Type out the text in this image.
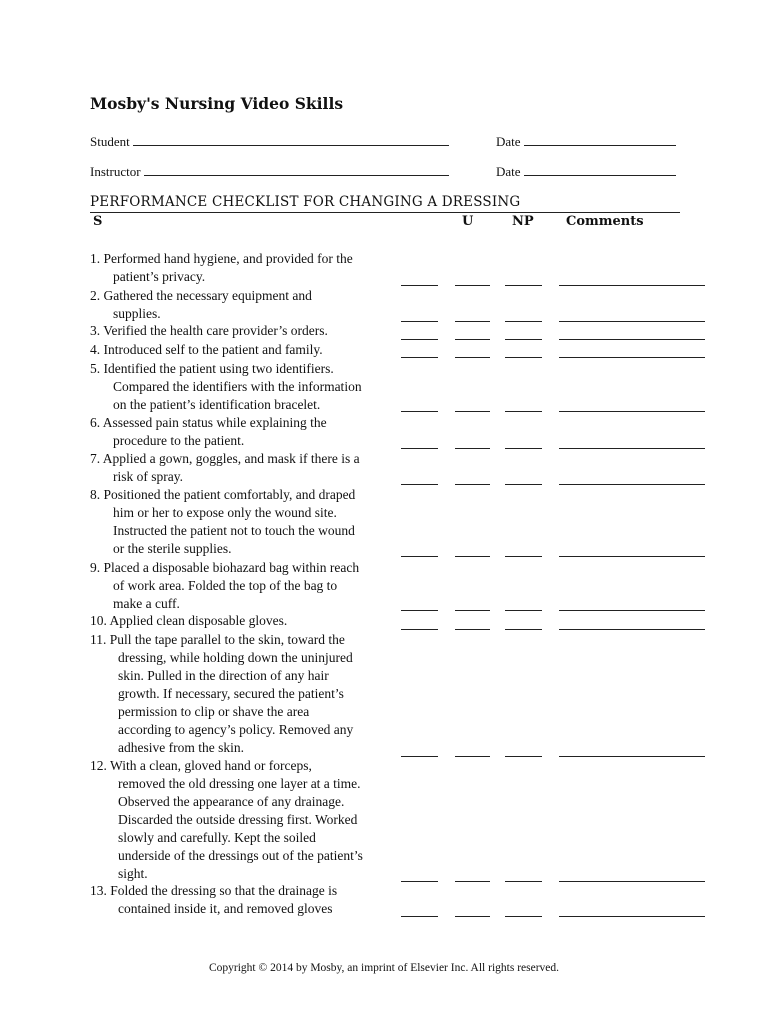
Mosby's Nursing Video Skills
Student	Date
Instructor	Date
PERFORMANCE CHECKLIST FOR CHANGING A DRESSING
S	U	NP Comments
1. Performed hand hygiene, and provided for the
patient’s privacy.
2. Gathered the necessary equipment and
supplies.
3. Verified the health care provider’s orders.
4. Introduced self to the patient and family.
5. Identified the patient using two identifiers.
Compared the identifiers with the information
on the patient’s identification bracelet.
6. Assessed pain status while explaining the
procedure to the patient.
7. Applied a gown, goggles, and mask if there is a
risk of spray.
8. Positioned the patient comfortably, and draped
him or her to expose only the wound site.
Instructed the patient not to touch the wound
or the sterile supplies.
9. Placed a disposable biohazard bag within reach
of work area. Folded the top of the bag to
make a cuff.
10. Applied clean disposable gloves.
11. Pull the tape parallel to the skin, toward the
dressing, while holding down the uninjured
skin. Pulled in the direction of any hair
growth. If necessary, secured the patient’s
permission to clip or shave the area
according to agency’s policy. Removed any
adhesive from the skin.
12. With a clean, gloved hand or forceps,
removed the old dressing one layer at a time.
Observed the appearance of any drainage.
Discarded the outside dressing first. Worked
slowly and carefully. Kept the soiled
underside of the dressings out of the patient’s
sight.
13. Folded the dressing so that the drainage is
contained inside it, and removed gloves
Copyright © 2014 by Mosby, an imprint of Elsevier Inc. All rights reserved.
